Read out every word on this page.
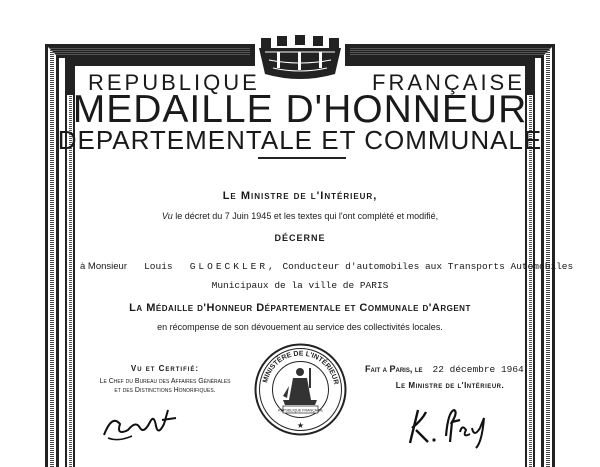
REPUBLIQUE	FRANÇAISE
MEDAILLE D'HONNEUR
DEPARTEMENTALE ET COMMUNALE
Le Ministre de l'Intérieur,
Vu le décret du 7 Juin 1945 et les textes qui l'ont complété et modifié,
DÉCERNE
à Monsieur Louis GLOECKLER, Conducteur d'automobiles aux Transports Automobiles
Municipaux de la ville de PARIS
La Médaille d'Honneur Départementale et Communale d'Argent
en récompense de son dévouement au service des collectivités locales.
Vu et Certifié:
Le Chef du Bureau des Affaires Générales
et des Distinctions Honorifiques.
MINISTÈRE DE L'INTÉRIEUR
RÉPUBLIQUE FRANÇAISE
★
Fait a Paris, le 22 décembre 1964
Le Ministre de l'Intérieur.
